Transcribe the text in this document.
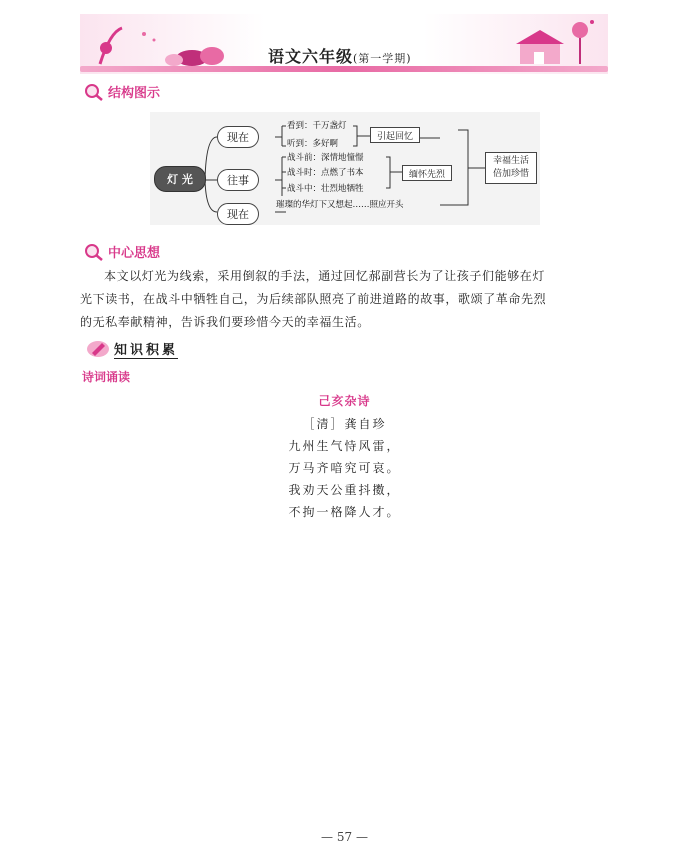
语文六年级(第一学期)
结构图示
灯 光
现在
往事
现在
看到：千万盏灯
听到：多好啊
战斗前：深情地憧憬
战斗时：点燃了书本
战斗中：壮烈地牺牲
璀璨的华灯下又想起……照应开头
引起回忆
缅怀先烈
幸福生活
倍加珍惜
中心思想
本文以灯光为线索，采用倒叙的手法，通过回忆郝副营长为了让孩子们能够在灯
光下读书，在战斗中牺牲自己，为后续部队照亮了前进道路的故事，歌颂了革命先烈
的无私奉献精神，告诉我们要珍惜今天的幸福生活。
知识积累
诗词诵读
己亥杂诗
［清］龚自珍
九州生气恃风雷，
万马齐喑究可哀。
我劝天公重抖擞，
不拘一格降人才。
— 57 —
